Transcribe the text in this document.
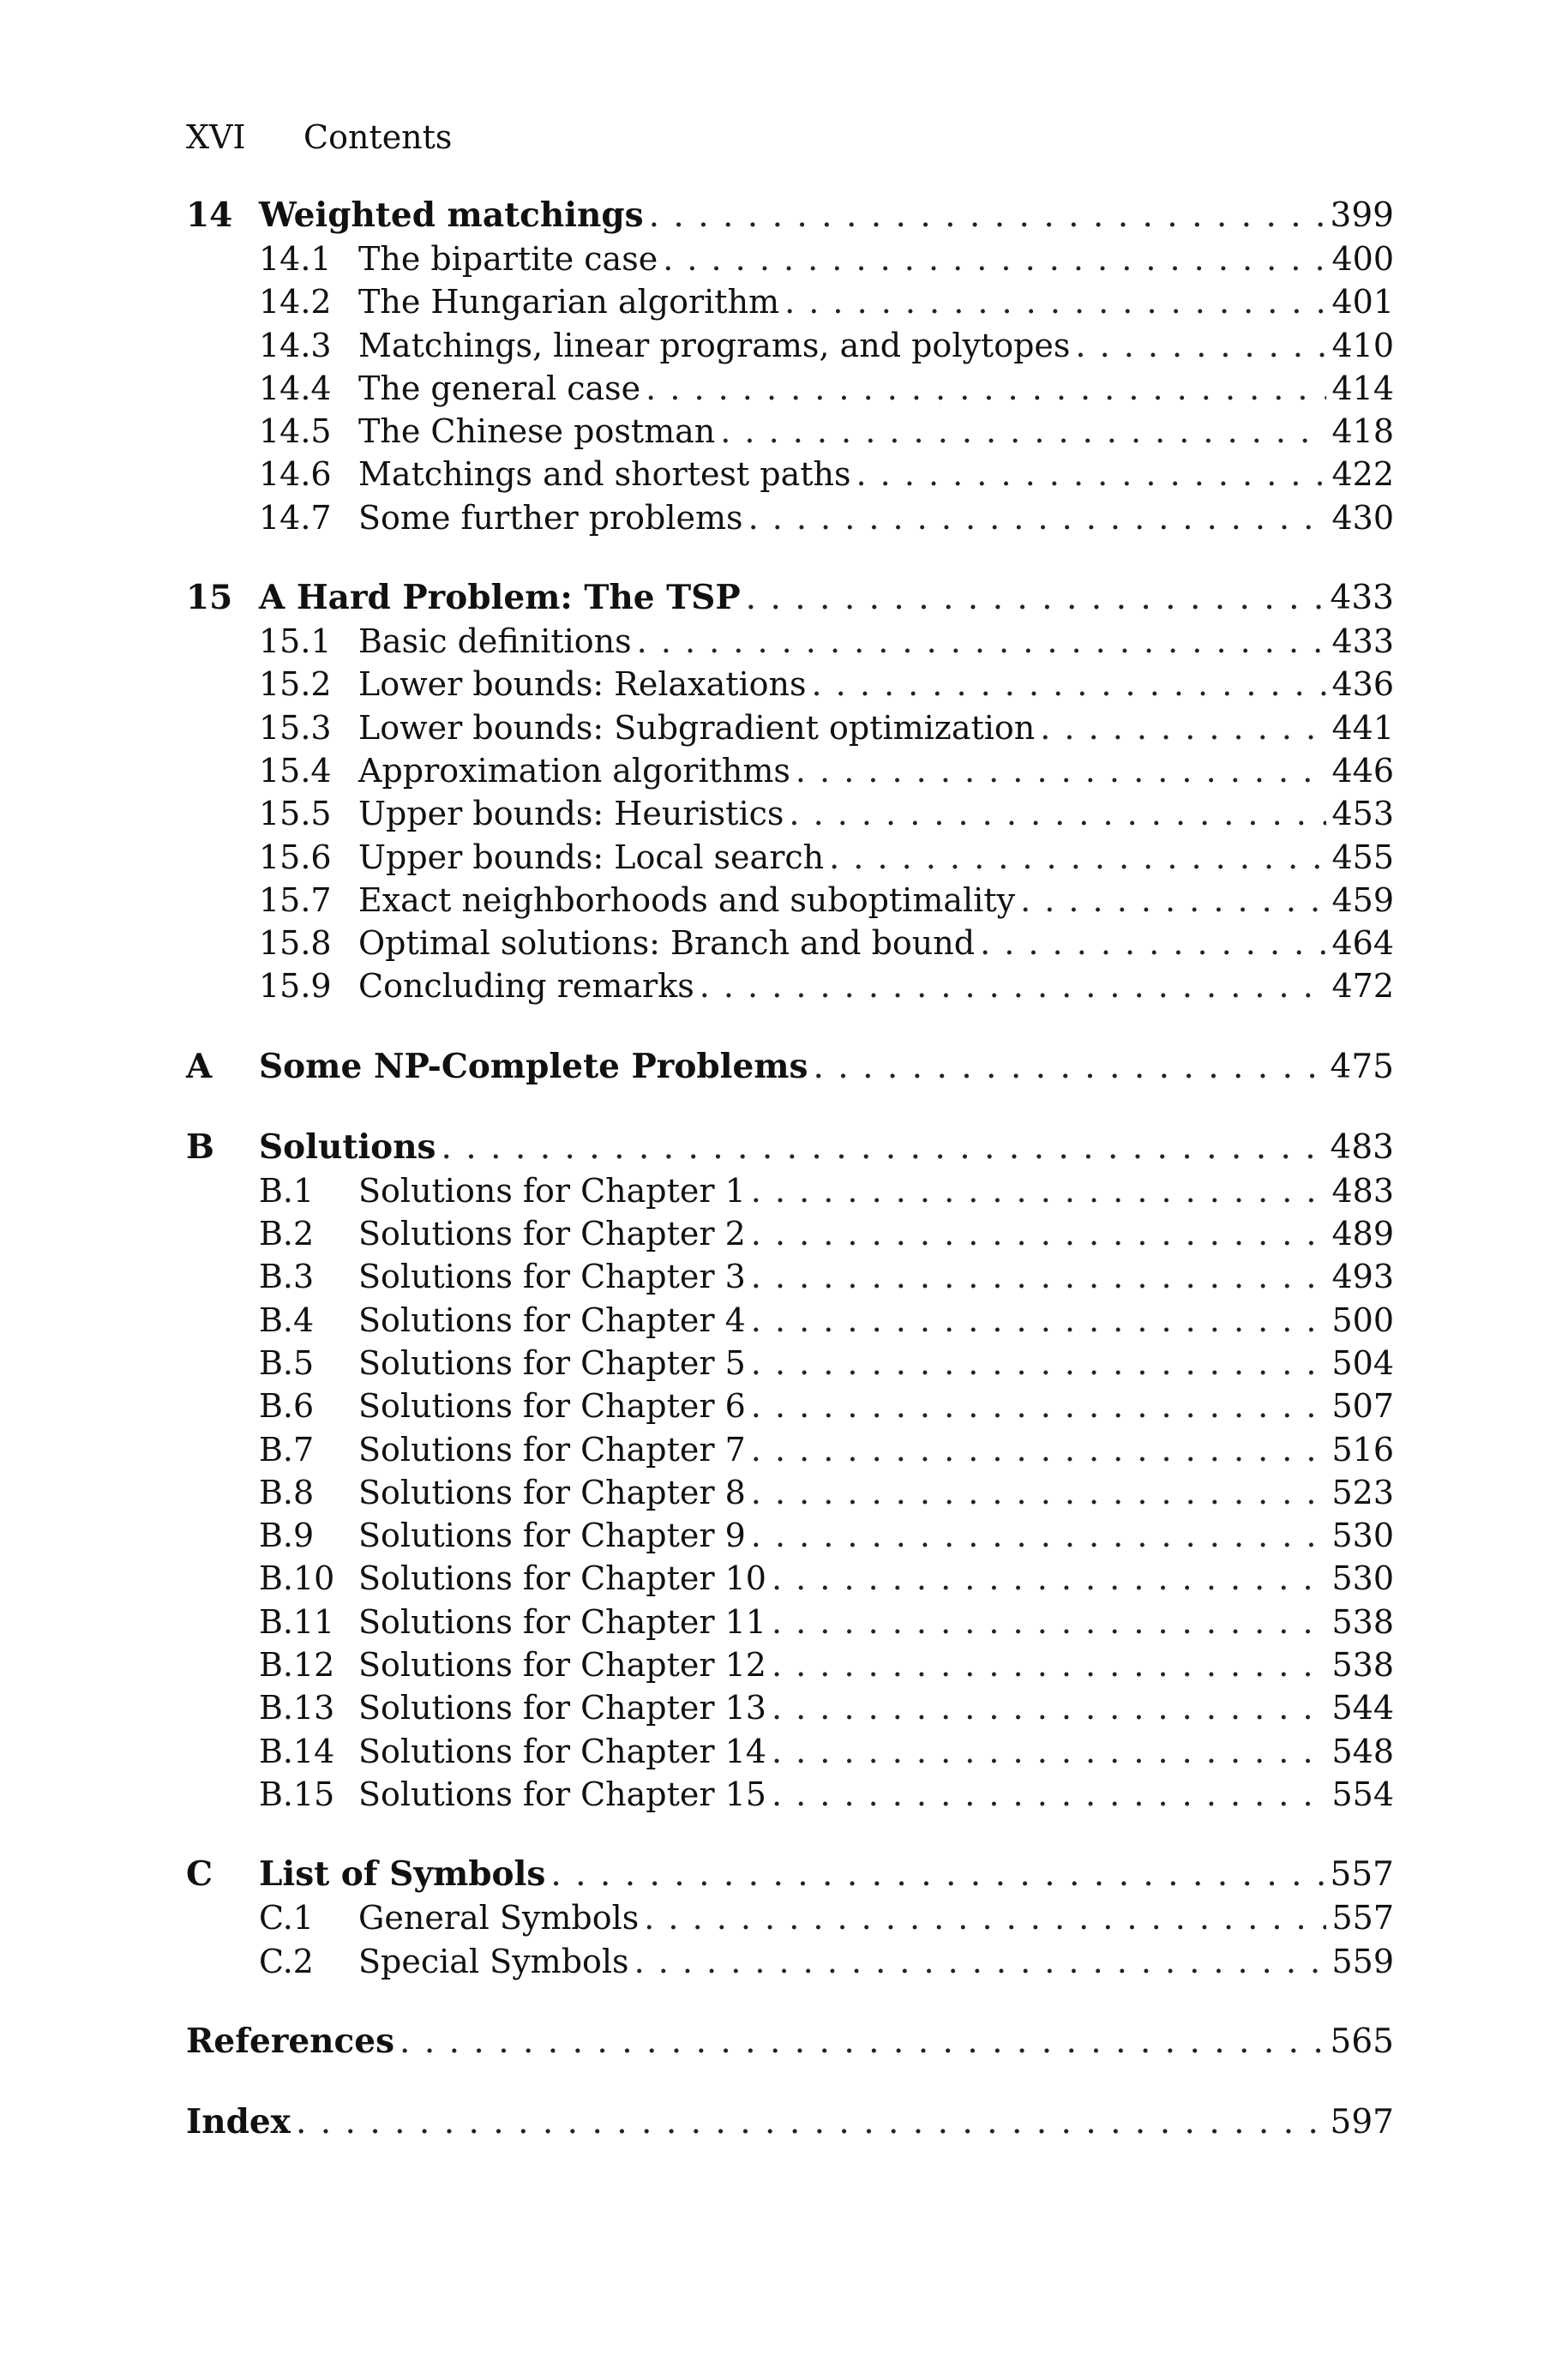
XVI	Contents
14 Weighted matchings . . .	399
14.1 The bipartite case . . .	400
14.2 The Hungarian algorithm . . .	401
14.3 Matchings, linear programs, and polytopes . . .	410
14.4 The general case . . .	414
14.5 The Chinese postman . . .	418
14.6 Matchings and shortest paths . . .	422
14.7 Some further problems . . .	430
15 A Hard Problem: The TSP . . .	433
15.1 Basic definitions . . .	433
15.2 Lower bounds: Relaxations . . .	436
15.3 Lower bounds: Subgradient optimization . . .	441
15.4 Approximation algorithms . . .	446
15.5 Upper bounds: Heuristics . . .	453
15.6 Upper bounds: Local search . . .	455
15.7 Exact neighborhoods and suboptimality . . .	459
15.8 Optimal solutions: Branch and bound . . .	464
15.9 Concluding remarks . . .	472
A	Some NP-Complete Problems . . .	475
B	Solutions . . .	483
B.1	Solutions for Chapter 1 . . .	483
B.2	Solutions for Chapter 2 . . .	489
B.3	Solutions for Chapter 3 . . .	493
B.4	Solutions for Chapter 4 . . .	500
B.5	Solutions for Chapter 5 . . .	504
B.6	Solutions for Chapter 6 . . .	507
B.7	Solutions for Chapter 7 . . .	516
B.8	Solutions for Chapter 8 . . .	523
B.9	Solutions for Chapter 9 . . .	530
B.10 Solutions for Chapter 10 . . .	530
B.11 Solutions for Chapter 11 . . .	538
B.12 Solutions for Chapter 12 . . .	538
B.13 Solutions for Chapter 13 . . .	544
B.14 Solutions for Chapter 14 . . .	548
B.15 Solutions for Chapter 15 . . .	554
C	List of Symbols . . .	557
C.1	General Symbols . . .	557
C.2	Special Symbols . . .	559
References . . .	565
Index . . .	597
